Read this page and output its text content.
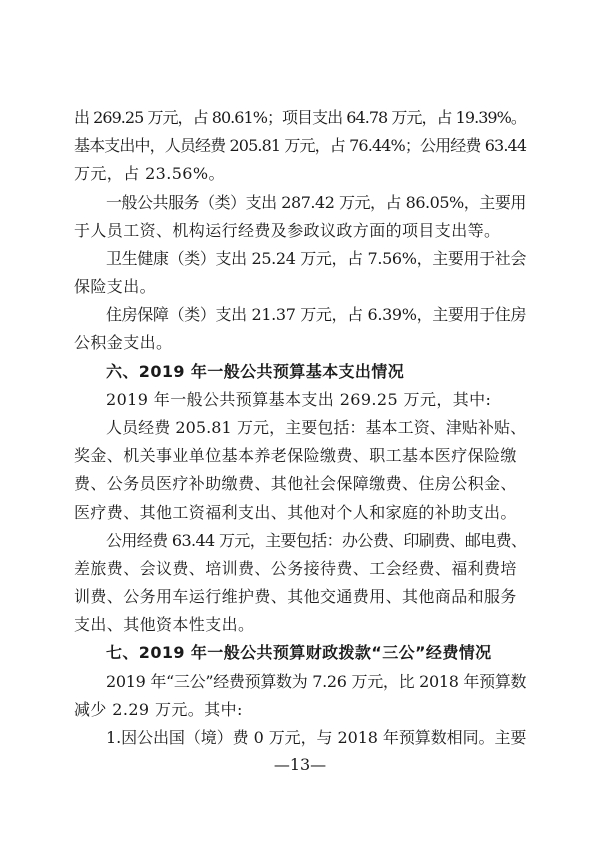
出 269.25 万元，占 80.61%；项目支出 64.78 万元，占 19.39%。
基本支出中，人员经费 205.81 万元，占 76.44%；公用经费 63.44
万元，占 23.56%。
一般公共服务（类）支出 287.42 万元，占 86.05%，主要用
于人员工资、机构运行经费及参政议政方面的项目支出等。
卫生健康（类）支出 25.24 万元，占 7.56%，主要用于社会
保险支出。
住房保障（类）支出 21.37 万元，占 6.39%，主要用于住房
公积金支出。
六、2019 年一般公共预算基本支出情况
2019 年一般公共预算基本支出 269.25 万元，其中:
人员经费 205.81 万元，主要包括：基本工资、津贴补贴、
奖金、机关事业单位基本养老保险缴费、职工基本医疗保险缴
费、公务员医疗补助缴费、其他社会保障缴费、住房公积金、
医疗费、其他工资福利支出、其他对个人和家庭的补助支出。
公用经费 63.44 万元，主要包括：办公费、印刷费、邮电费、
差旅费、会议费、培训费、公务接待费、工会经费、福利费培
训费、公务用车运行维护费、其他交通费用、其他商品和服务
支出、其他资本性支出。
七、2019 年一般公共预算财政拨款“三公”经费情况
2019 年“三公”经费预算数为 7.26 万元，比 2018 年预算数
减少 2.29 万元。其中:
1.因公出国（境）费 0 万元，与 2018 年预算数相同。主要
—13—
